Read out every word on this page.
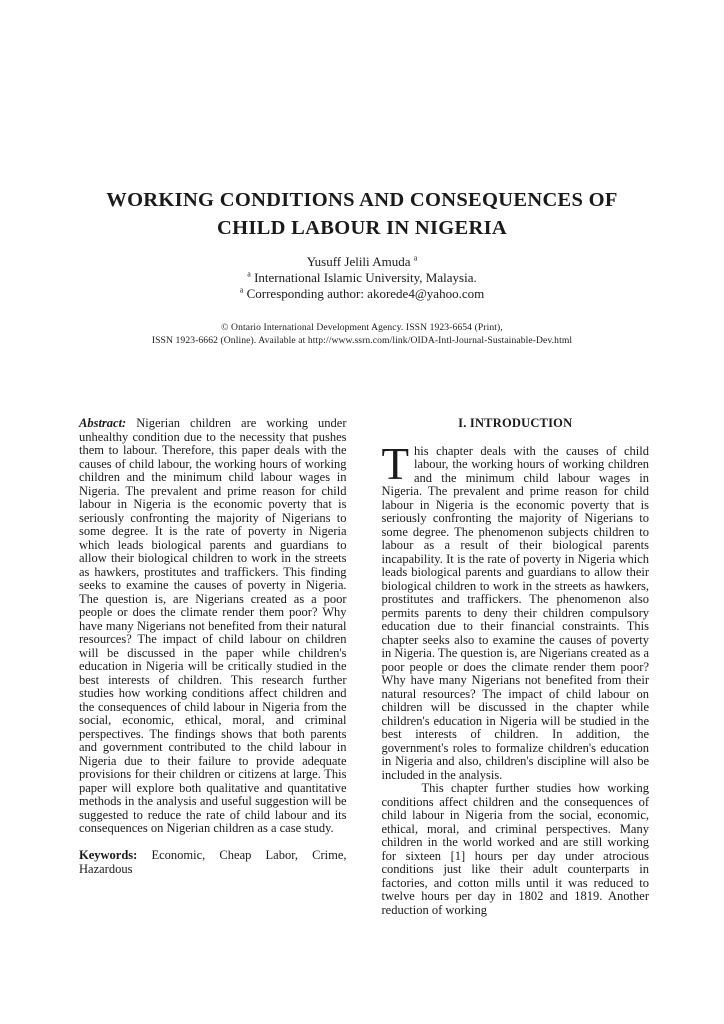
WORKING CONDITIONS AND CONSEQUENCES OF
CHILD LABOUR IN NIGERIA
Yusuff Jelili Amuda $^a$
$^a$ International Islamic University, Malaysia.
$^a$ Corresponding author: akorede4@yahoo.com
© Ontario International Development Agency. ISSN 1923-6654 (Print),
ISSN 1923-6662 (Online). Available at http://www.ssrn.com/link/OIDA-Intl-Journal-Sustainable-Dev.html

Abstract: Nigerian children are working under unhealthy condition due to the necessity that pushes them to labour. Therefore, this paper deals with the causes of child labour, the working hours of working children and the minimum child labour wages in Nigeria. The prevalent and prime reason for child labour in Nigeria is the economic poverty that is seriously confronting the majority of Nigerians to some degree. It is the rate of poverty in Nigeria which leads biological parents and guardians to allow their biological children to work in the streets as hawkers, prostitutes and traffickers. This finding seeks to examine the causes of poverty in Nigeria. The question is, are Nigerians created as a poor people or does the climate render them poor? Why have many Nigerians not benefited from their natural resources? The impact of child labour on children will be discussed in the paper while children's education in Nigeria will be critically studied in the best interests of children. This research further studies how working conditions affect children and the consequences of child labour in Nigeria from the social, economic, ethical, moral, and criminal perspectives. The findings shows that both parents and government contributed to the child labour in Nigeria due to their failure to provide adequate provisions for their children or citizens at large. This paper will explore both qualitative and quantitative methods in the analysis and useful suggestion will be suggested to reduce the rate of child labour and its consequences on Nigerian children as a case study.

Keywords: Economic, Cheap Labor, Crime, Hazardous

I. INTRODUCTION

This chapter deals with the causes of child labour, the working hours of working children and the minimum child labour wages in Nigeria. The prevalent and prime reason for child labour in Nigeria is the economic poverty that is seriously confronting the majority of Nigerians to some degree. The phenomenon subjects children to labour as a result of their biological parents incapability. It is the rate of poverty in Nigeria which leads biological parents and guardians to allow their biological children to work in the streets as hawkers, prostitutes and traffickers. The phenomenon also permits parents to deny their children compulsory education due to their financial constraints. This chapter seeks also to examine the causes of poverty in Nigeria. The question is, are Nigerians created as a poor people or does the climate render them poor? Why have many Nigerians not benefited from their natural resources? The impact of child labour on children will be discussed in the chapter while children's education in Nigeria will be studied in the best interests of children. In addition, the government's roles to formalize children's education in Nigeria and also, children's discipline will also be included in the analysis.

This chapter further studies how working conditions affect children and the consequences of child labour in Nigeria from the social, economic, ethical, moral, and criminal perspectives. Many children in the world worked and are still working for sixteen [1] hours per day under atrocious conditions just like their adult counterparts in factories, and cotton mills until it was reduced to twelve hours per day in 1802 and 1819. Another reduction of working
